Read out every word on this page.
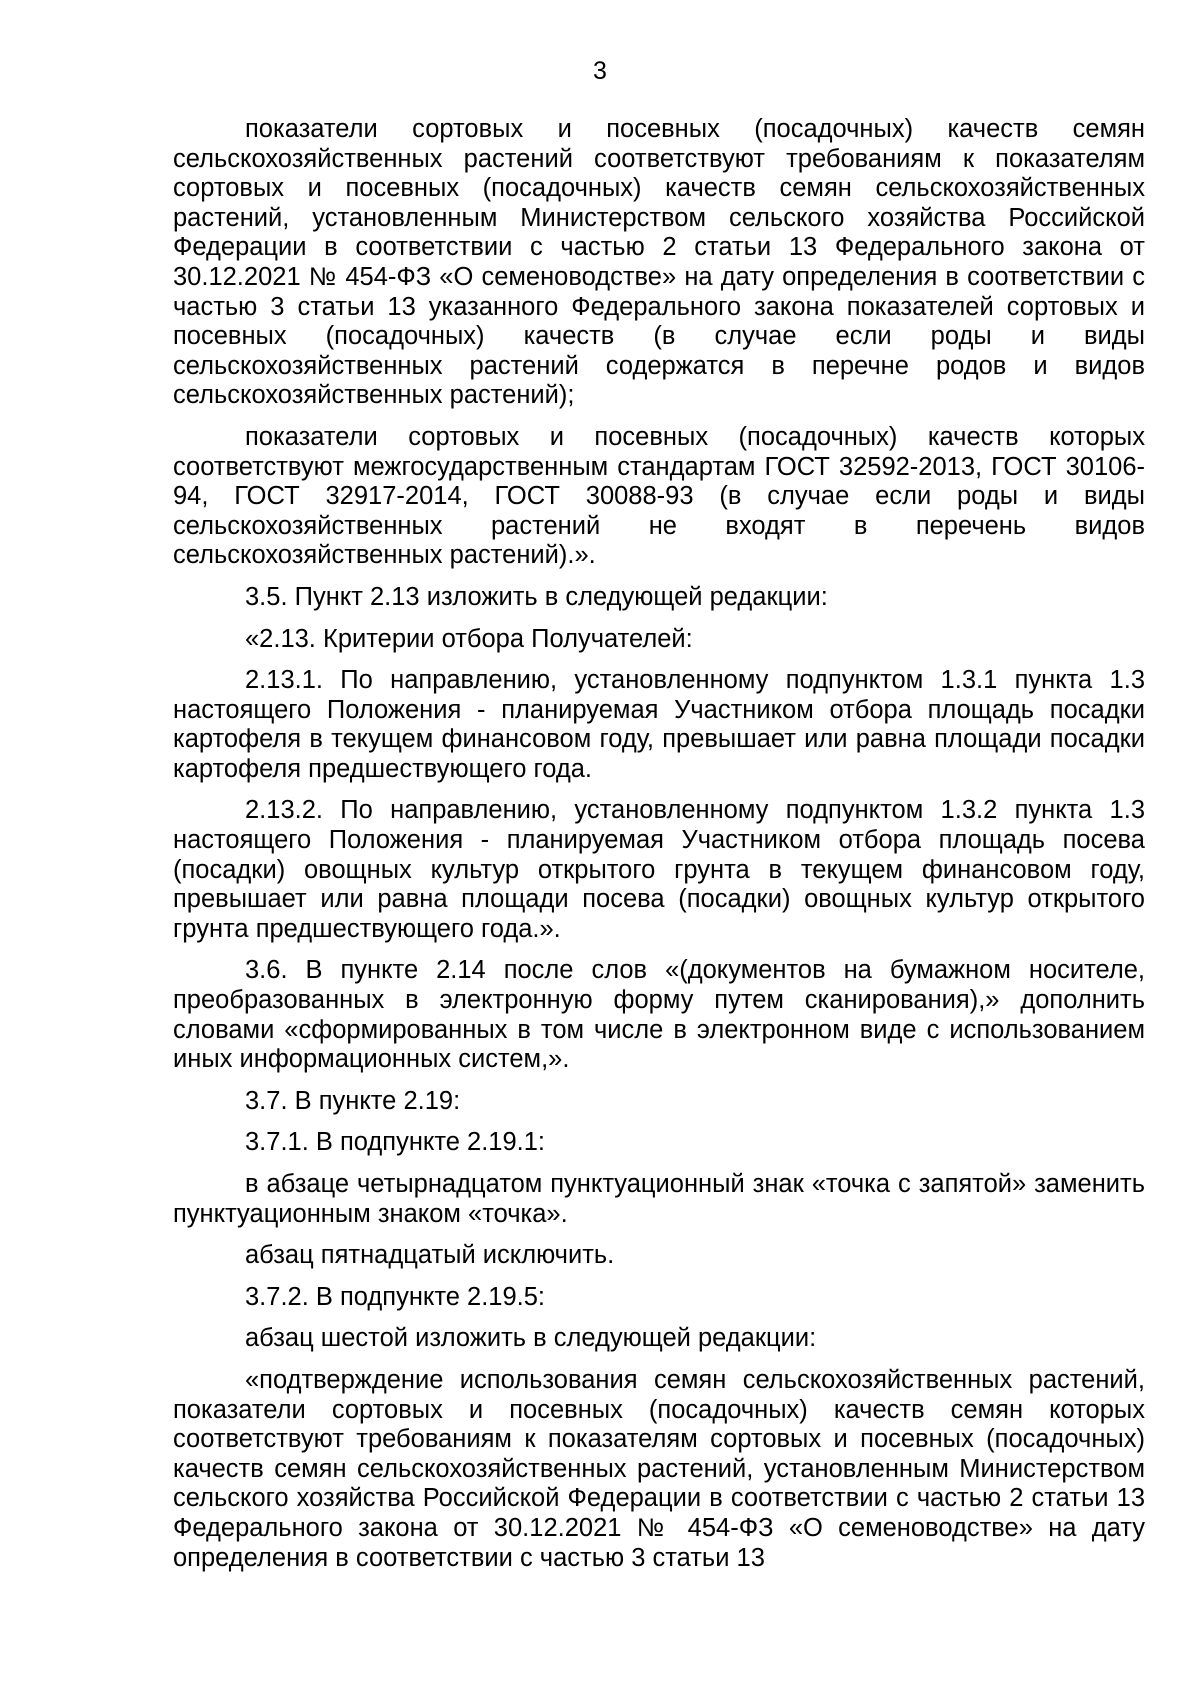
3

показатели сортовых и посевных (посадочных) качеств семян сельскохозяйственных растений соответствуют требованиям к показателям сортовых и посевных (посадочных) качеств семян сельскохозяйственных растений, установленным Министерством сельского хозяйства Российской Федерации в соответствии с частью 2 статьи 13 Федерального закона от 30.12.2021 № 454-ФЗ «О семеноводстве» на дату определения в соответствии с частью 3 статьи 13 указанного Федерального закона показателей сортовых и посевных (посадочных) качеств (в случае если роды и виды сельскохозяйственных растений содержатся в перечне родов и видов сельскохозяйственных растений);

показатели сортовых и посевных (посадочных) качеств которых соответствуют межгосударственным стандартам ГОСТ 32592-2013, ГОСТ 30106-94, ГОСТ 32917-2014, ГОСТ 30088-93 (в случае если роды и виды сельскохозяйственных растений не входят в перечень видов сельскохозяйственных растений).».

3.5. Пункт 2.13 изложить в следующей редакции:

«2.13. Критерии отбора Получателей:

2.13.1. По направлению, установленному подпунктом 1.3.1 пункта 1.3 настоящего Положения - планируемая Участником отбора площадь посадки картофеля в текущем финансовом году, превышает или равна площади посадки картофеля предшествующего года.

2.13.2. По направлению, установленному подпунктом 1.3.2 пункта 1.3 настоящего Положения - планируемая Участником отбора площадь посева (посадки) овощных культур открытого грунта в текущем финансовом году, превышает или равна площади посева (посадки) овощных культур открытого грунта предшествующего года.».

3.6. В пункте 2.14 после слов «(документов на бумажном носителе, преобразованных в электронную форму путем сканирования),» дополнить словами «сформированных в том числе в электронном виде с использованием иных информационных систем,».

3.7. В пункте 2.19:

3.7.1. В подпункте 2.19.1:

в абзаце четырнадцатом пунктуационный знак «точка с запятой» заменить пунктуационным знаком «точка».

абзац пятнадцатый исключить.

3.7.2. В подпункте 2.19.5:

абзац шестой изложить в следующей редакции:

«подтверждение использования семян сельскохозяйственных растений, показатели сортовых и посевных (посадочных) качеств семян которых соответствуют требованиям к показателям сортовых и посевных (посадочных) качеств семян сельскохозяйственных растений, установленным Министерством сельского хозяйства Российской Федерации в соответствии с частью 2 статьи 13 Федерального закона от 30.12.2021 № 454-ФЗ «О семеноводстве» на дату определения в соответствии с частью 3 статьи 13
